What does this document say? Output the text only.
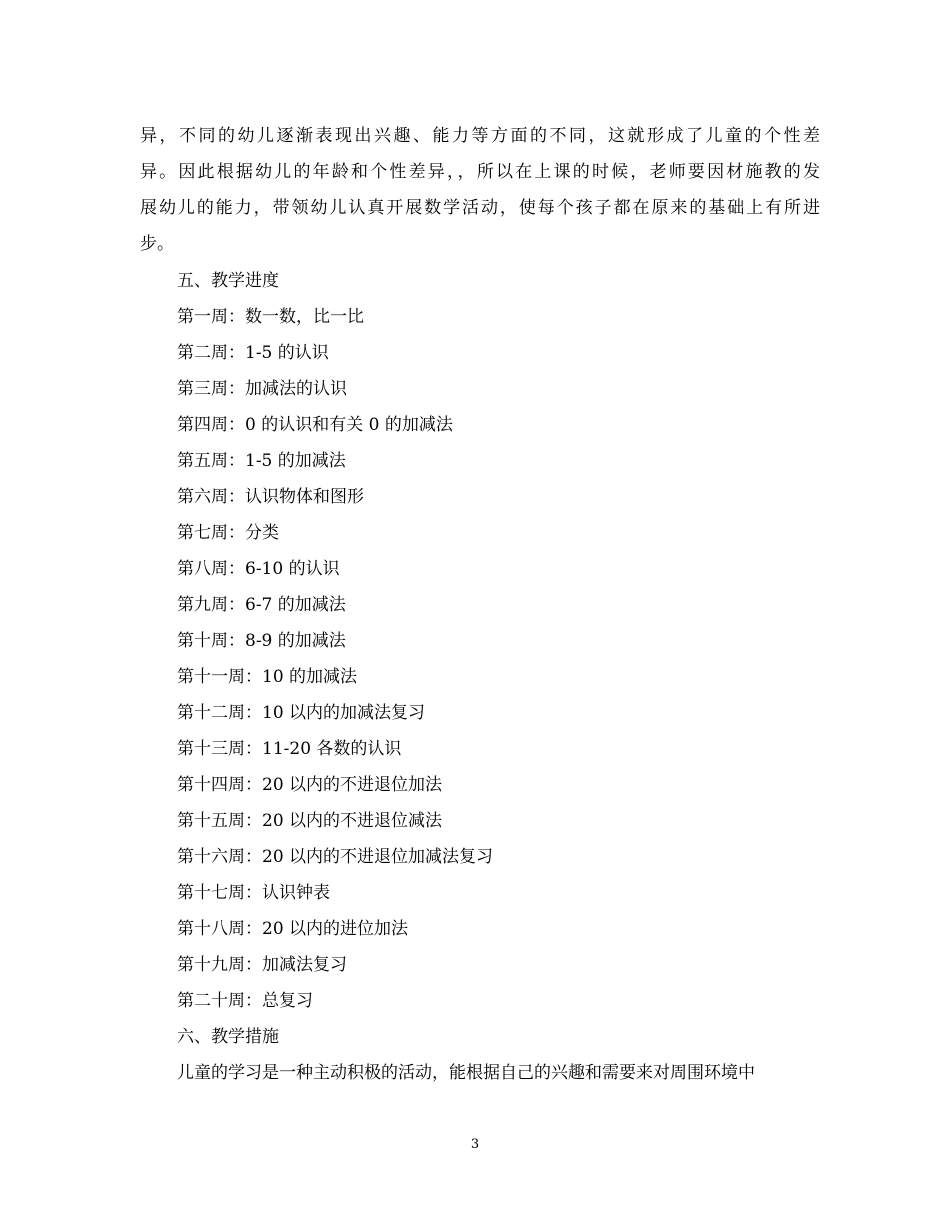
异，不同的幼儿逐渐表现出兴趣、能力等方面的不同，这就形成了儿童的个性差
异。因此根据幼儿的年龄和个性差异，，所以在上课的时候，老师要因材施教的发
展幼儿的能力，带领幼儿认真开展数学活动，使每个孩子都在原来的基础上有所进
步。
五、教学进度
第一周：数一数，比一比
第二周：1-5 的认识
第三周：加减法的认识
第四周：0 的认识和有关 0 的加减法
第五周：1-5 的加减法
第六周：认识物体和图形
第七周：分类
第八周：6-10 的认识
第九周：6-7 的加减法
第十周：8-9 的加减法
第十一周：10 的加减法
第十二周：10 以内的加减法复习
第十三周：11-20 各数的认识
第十四周：20 以内的不进退位加法
第十五周：20 以内的不进退位减法
第十六周：20 以内的不进退位加减法复习
第十七周：认识钟表
第十八周：20 以内的进位加法
第十九周：加减法复习
第二十周：总复习
六、教学措施
儿童的学习是一种主动积极的活动，能根据自己的兴趣和需要来对周围环境中
3
